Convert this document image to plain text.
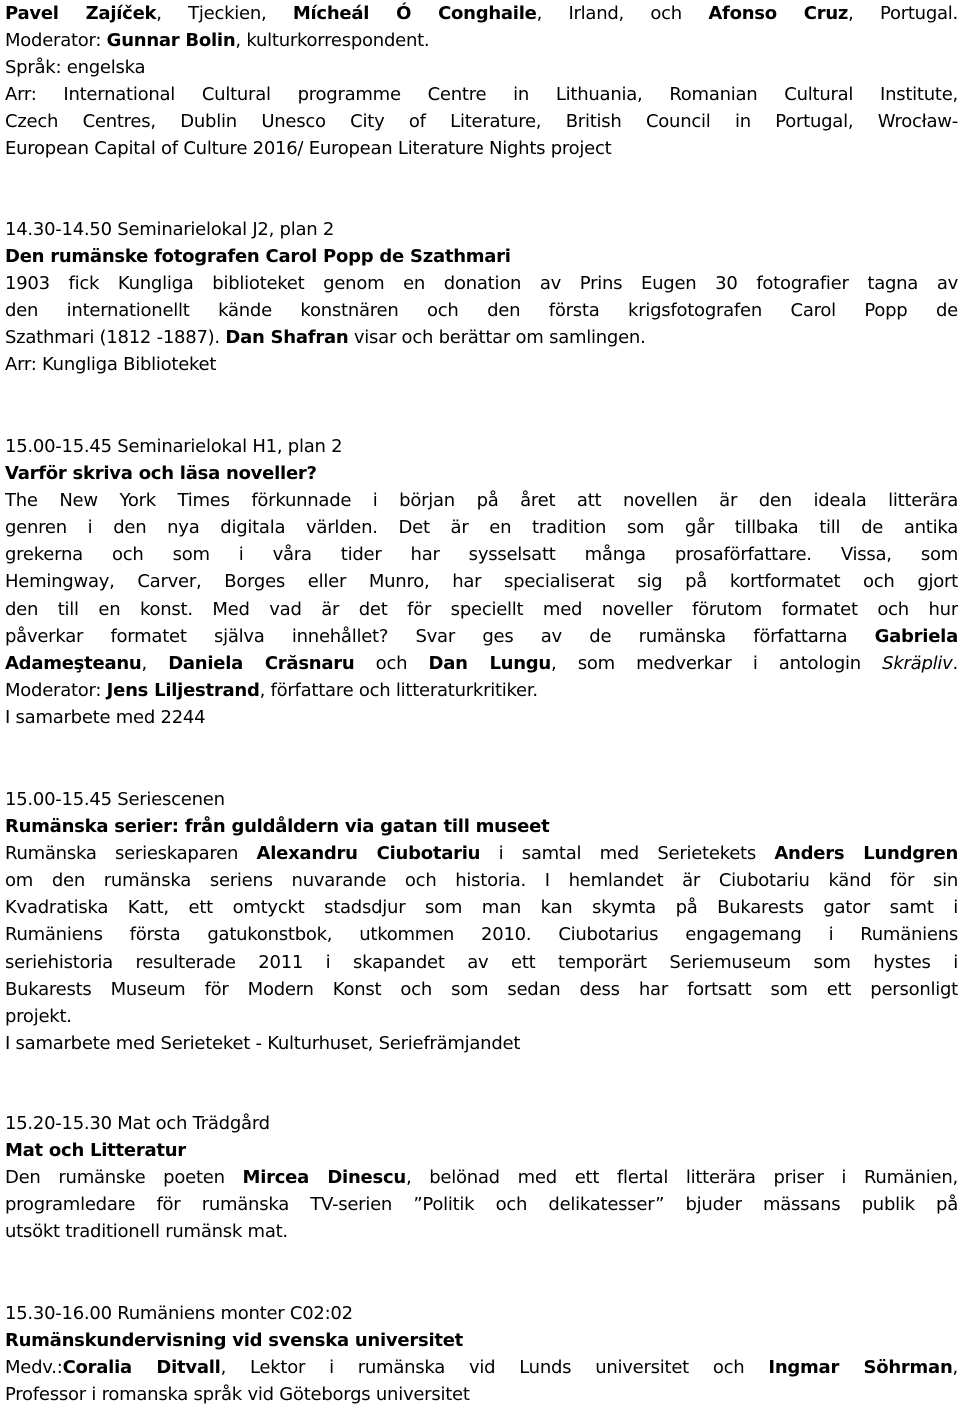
Pavel Zajíček, Tjeckien, Mícheál Ó Conghaile, Irland, och Afonso Cruz, Portugal.
Moderator: Gunnar Bolin, kulturkorrespondent.
Språk: engelska
Arr: International Cultural programme Centre in Lithuania, Romanian Cultural Institute,
Czech Centres, Dublin Unesco City of Literature, British Council in Portugal, Wrocław-
European Capital of Culture 2016/ European Literature Nights project
14.30-14.50 Seminarielokal J2, plan 2
Den rumänske fotografen Carol Popp de Szathmari
1903 fick Kungliga biblioteket genom en donation av Prins Eugen 30 fotografier tagna av
den internationellt kände konstnären och den första krigsfotografen Carol Popp de
Szathmari (1812 -1887). Dan Shafran visar och berättar om samlingen.
Arr: Kungliga Biblioteket
15.00-15.45 Seminarielokal H1, plan 2
Varför skriva och läsa noveller?
The New York Times förkunnade i början på året att novellen är den ideala litterära
genren i den nya digitala världen. Det är en tradition som går tillbaka till de antika
grekerna och som i våra tider har sysselsatt många prosaförfattare. Vissa, som
Hemingway, Carver, Borges eller Munro, har specialiserat sig på kortformatet och gjort
den till en konst. Med vad är det för speciellt med noveller förutom formatet och hur
påverkar formatet själva innehållet? Svar ges av de rumänska författarna Gabriela
Adameşteanu, Daniela Crăsnaru och Dan Lungu, som medverkar i antologin Skräpliv.
Moderator: Jens Liljestrand, författare och litteraturkritiker.
I samarbete med 2244
15.00-15.45 Seriescenen
Rumänska serier: från guldåldern via gatan till museet
Rumänska serieskaparen Alexandru Ciubotariu i samtal med Serietekets Anders Lundgren
om den rumänska seriens nuvarande och historia. I hemlandet är Ciubotariu känd för sin
Kvadratiska Katt, ett omtyckt stadsdjur som man kan skymta på Bukarests gator samt i
Rumäniens första gatukonstbok, utkommen 2010. Ciubotarius engagemang i Rumäniens
seriehistoria resulterade 2011 i skapandet av ett temporärt Seriemuseum som hystes i
Bukarests Museum för Modern Konst och som sedan dess har fortsatt som ett personligt
projekt.
I samarbete med Serieteket - Kulturhuset, Seriefrämjandet
15.20-15.30 Mat och Trädgård
Mat och Litteratur
Den rumänske poeten Mircea Dinescu, belönad med ett flertal litterära priser i Rumänien,
programledare för rumänska TV-serien ”Politik och delikatesser” bjuder mässans publik på
utsökt traditionell rumänsk mat.
15.30-16.00 Rumäniens monter C02:02
Rumänskundervisning vid svenska universitet
Medv.:Coralia Ditvall, Lektor i rumänska vid Lunds universitet och Ingmar Söhrman,
Professor i romanska språk vid Göteborgs universitet
